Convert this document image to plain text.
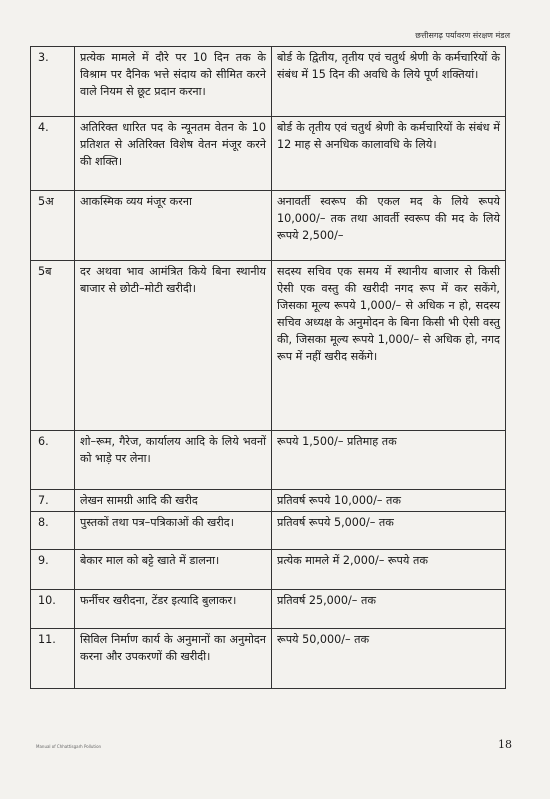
छत्तीसगढ़ पर्यावरण संरक्षण मंडल
3.	प्रत्येक मामले में दौरे पर 10 दिन तक के विश्राम पर दैनिक भत्ते संदाय को सीमित करने वाले नियम से छूट प्रदान करना।	बोर्ड के द्वितीय, तृतीय एवं चतुर्थ श्रेणी के कर्मचारियों के संबंध में 15 दिन की अवधि के लिये पूर्ण शक्तियां।
4.	अतिरिक्त धारित पद के न्यूनतम वेतन के 10 प्रतिशत से अतिरिक्त विशेष वेतन मंजूर करने की शक्ति।	बोर्ड के तृतीय एवं चतुर्थ श्रेणी के कर्मचारियों के संबंध में 12 माह से अनधिक कालावधि के लिये।
5अ	आकस्मिक व्यय मंजूर करना	अनावर्ती स्वरूप की एकल मद के लिये रूपये 10,000/– तक तथा आवर्ती स्वरूप की मद के लिये रूपये 2,500/–
5ब	दर अथवा भाव आमंत्रित किये बिना स्थानीय बाजार से छोटी–मोटी खरीदी।	सदस्य सचिव एक समय में स्थानीय बाजार से किसी ऐसी एक वस्तु की खरीदी नगद रूप में कर सकेंगे, जिसका मूल्य रूपये 1,000/– से अधिक न हो, सदस्य सचिव अध्यक्ष के अनुमोदन के बिना किसी भी ऐसी वस्तु की, जिसका मूल्य रूपये 1,000/– से अधिक हो, नगद रूप में नहीं खरीद सकेंगे।
6.	शो–रूम, गैरेज, कार्यालय आदि के लिये भवनों को भाड़े पर लेना।	रूपये 1,500/– प्रतिमाह तक
7.	लेखन सामग्री आदि की खरीद	प्रतिवर्ष रूपये 10,000/– तक
8.	पुस्तकों तथा पत्र–पत्रिकाओं की खरीद।	प्रतिवर्ष रूपये 5,000/– तक
9.	बेकार माल को बट्टे खाते में डालना।	प्रत्येक मामले में 2,000/– रूपये तक
10.	फर्नीचर खरीदना, टेंडर इत्यादि बुलाकर।	प्रतिवर्ष 25,000/– तक
11.	सिविल निर्माण कार्य के अनुमानों का अनुमोदन करना और उपकरणों की खरीदी।	रूपये 50,000/– तक
Manual of Chhattisgarh Pollution	18
